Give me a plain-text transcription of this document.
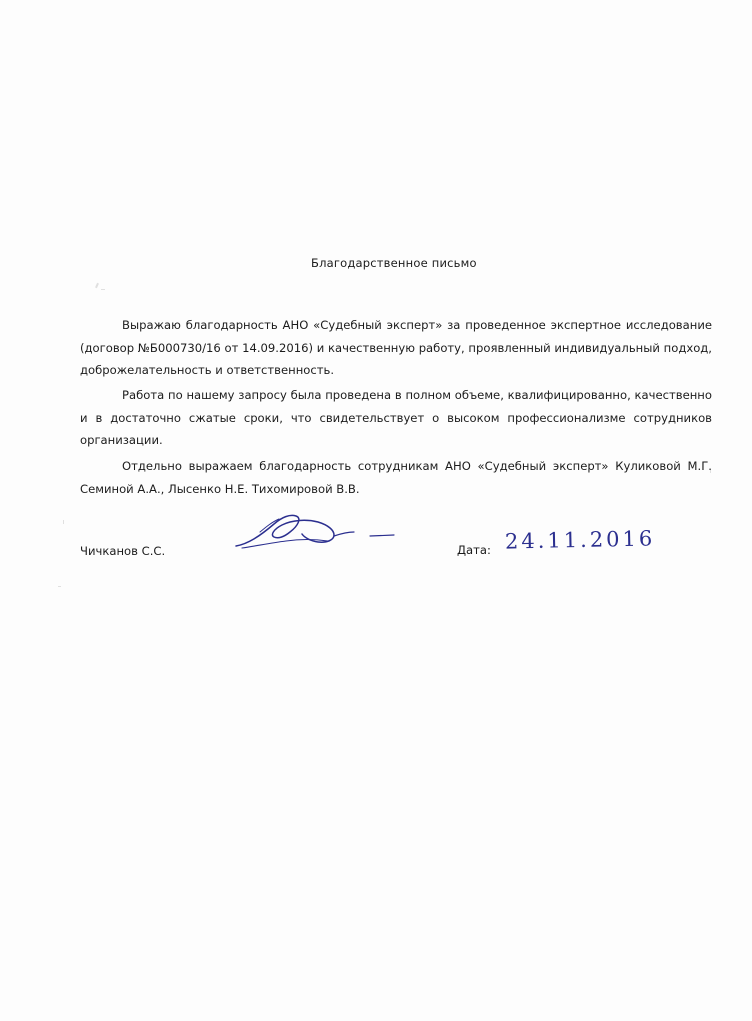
Благодарственное письмо

Выражаю благодарность АНО «Судебный эксперт» за проведенное экспертное исследование (договор №Б000730/16 от 14.09.2016) и качественную работу, проявленный индивидуальный подход, доброжелательность и ответственность.

Работа по нашему запросу была проведена в полном объеме, квалифицированно, качественно и в достаточно сжатые сроки, что свидетельствует о высоком профессионализме сотрудников организации.

Отдельно выражаем благодарность сотрудникам АНО «Судебный эксперт» Куликовой М.Г. Семиной А.А., Лысенко Н.Е. Тихомировой В.В.

Чичканов С.С.	Дата: 24.11.2016
